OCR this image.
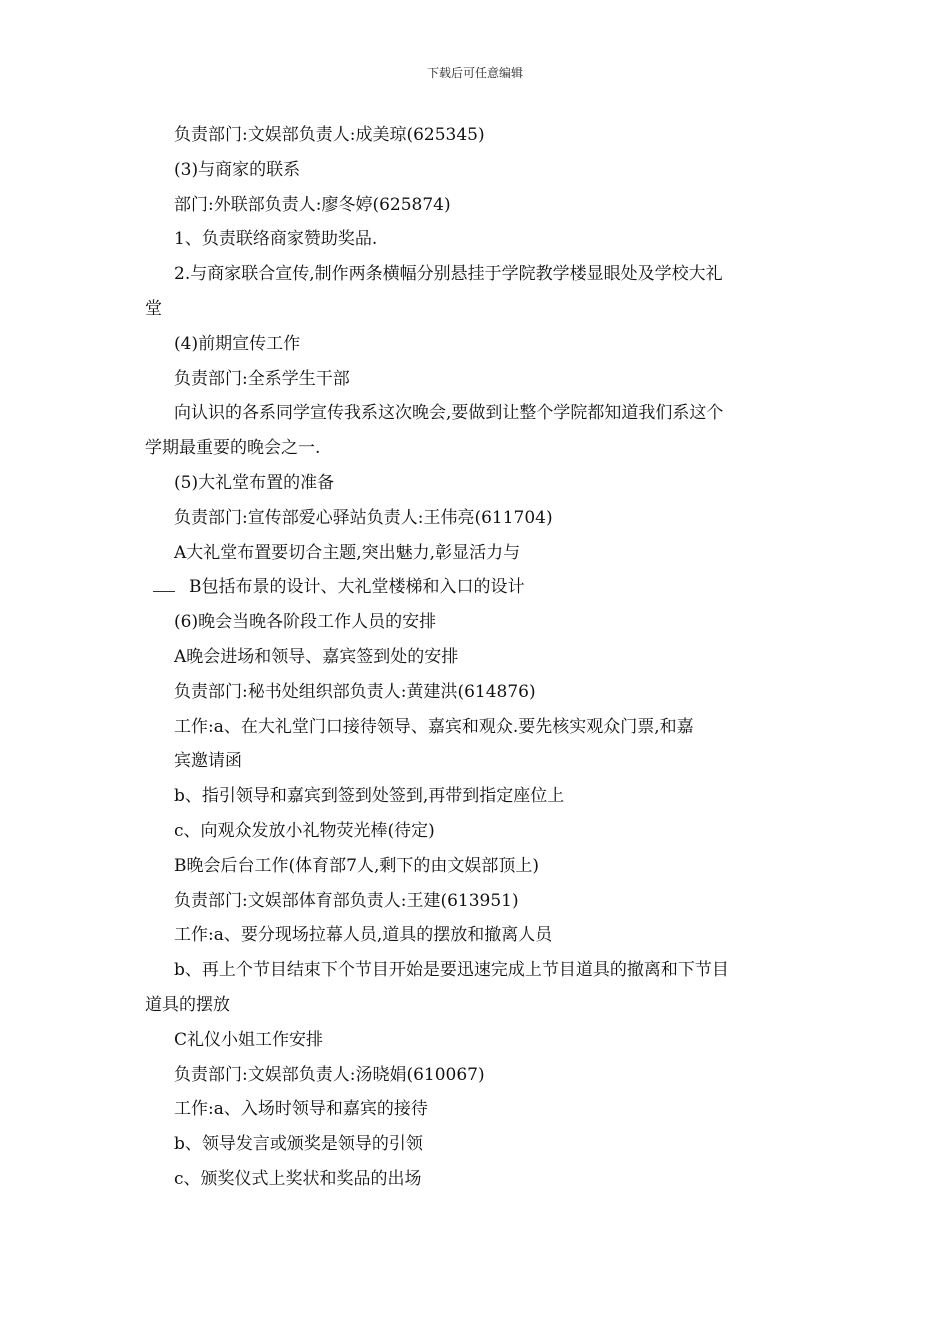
下载后可任意编辑
负责部门:文娱部负责人:成美琼(625345)
(3)与商家的联系
部门:外联部负责人:廖冬婷(625874)
1、负责联络商家赞助奖品.
2.与商家联合宣传,制作两条横幅分别悬挂于学院教学楼显眼处及学校大礼
堂
(4)前期宣传工作
负责部门:全系学生干部
向认识的各系同学宣传我系这次晚会,要做到让整个学院都知道我们系这个
学期最重要的晚会之一.
(5)大礼堂布置的准备
负责部门:宣传部爱心驿站负责人:王伟亮(611704)
A大礼堂布置要切合主题,突出魅力,彰显活力与
B包括布景的设计、大礼堂楼梯和入口的设计
(6)晚会当晚各阶段工作人员的安排
A晚会进场和领导、嘉宾签到处的安排
负责部门:秘书处组织部负责人:黄建洪(614876)
工作:a、在大礼堂门口接待领导、嘉宾和观众.要先核实观众门票,和嘉
宾邀请函
b、指引领导和嘉宾到签到处签到,再带到指定座位上
c、向观众发放小礼物荧光棒(待定)
B晚会后台工作(体育部7人,剩下的由文娱部顶上)
负责部门:文娱部体育部负责人:王建(613951)
工作:a、要分现场拉幕人员,道具的摆放和撤离人员
b、再上个节目结束下个节目开始是要迅速完成上节目道具的撤离和下节目
道具的摆放
C礼仪小姐工作安排
负责部门:文娱部负责人:汤晓娟(610067)
工作:a、入场时领导和嘉宾的接待
b、领导发言或颁奖是领导的引领
c、颁奖仪式上奖状和奖品的出场
